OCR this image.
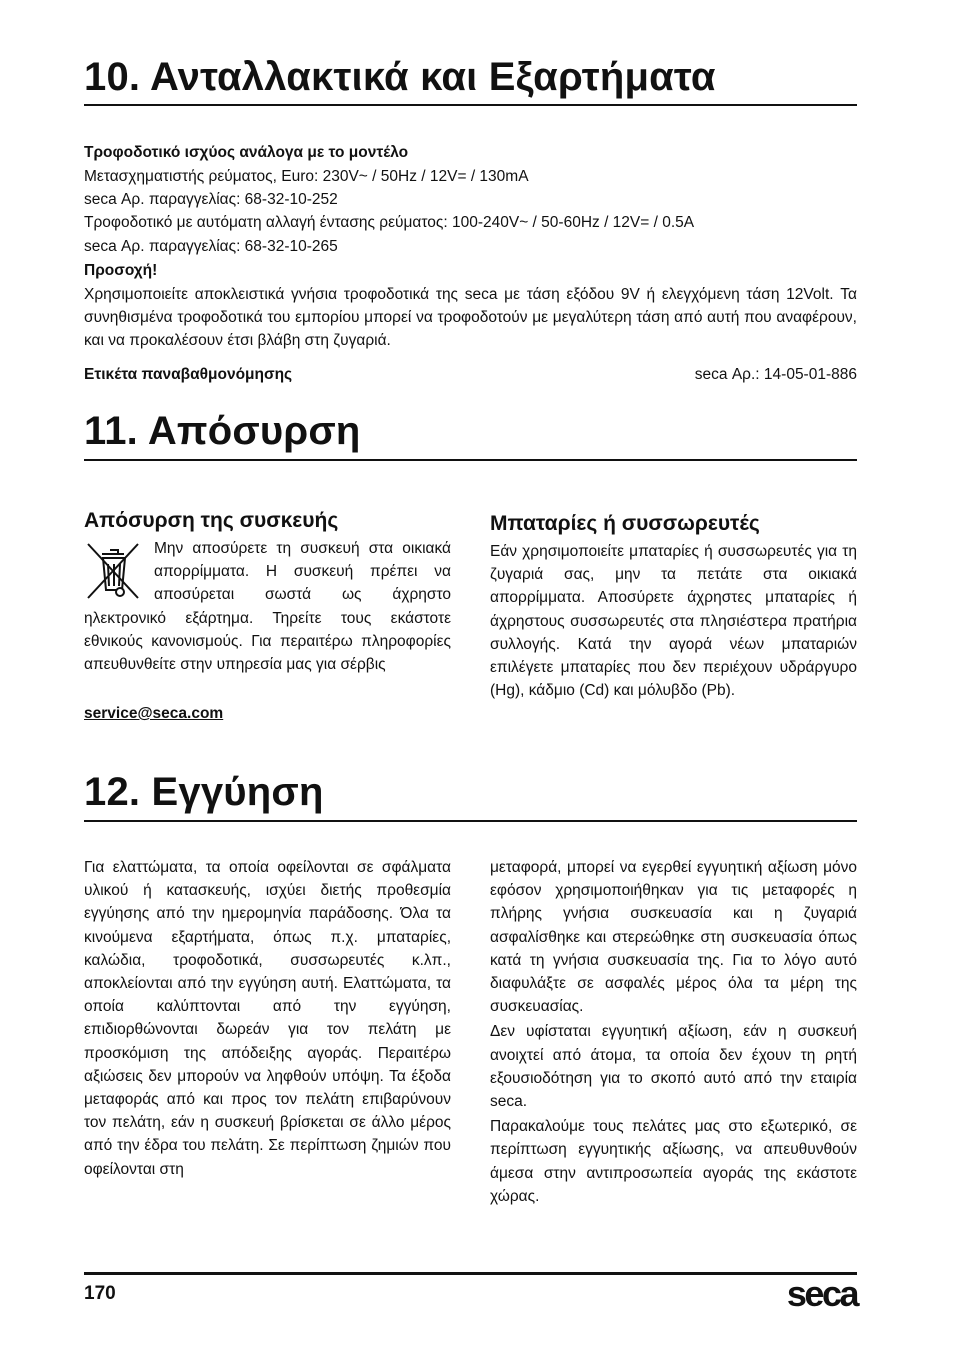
10. Ανταλλακτικά και Εξαρτήματα

Τροφοδοτικό ισχύος ανάλογα με το μοντέλο

Μετασχηματιστής ρεύματος, Euro: 230V~ / 50Hz / 12V= / 130mA

seca Αρ. παραγγελίας: 68-32-10-252

Τροφοδοτικό με αυτόματη αλλαγή έντασης ρεύματος: 100-240V~ / 50-60Hz / 12V= / 0.5A

seca Αρ. παραγγελίας: 68-32-10-265

Προσοχή!

Χρησιμοποιείτε αποκλειστικά γνήσια τροφοδοτικά της seca με τάση εξόδου 9V ή ελεγχόμενη τάση 12Volt. Τα συνηθισμένα τροφοδοτικά του εμπορίου μπορεί να τροφοδοτούν με μεγαλύτερη τάση από αυτή που αναφέρουν, και να προκαλέσουν έτσι βλάβη στη ζυγαριά.

Ετικέτα παναβαθμονόμησης	seca Αρ.: 14-05-01-886
11. Απόσυρση
Απόσυρση της συσκευής

Μην αποσύρετε τη συσκευή στα οικιακά απορρίμματα. Η συσκευή πρέπει να αποσύρεται σωστά ως άχρηστο ηλεκτρονικό εξάρτημα. Τηρείτε τους εκάστοτε εθνικούς κανονισμούς. Για περαιτέρω πληροφορίες απευθυνθείτε στην υπηρεσία μας για σέρβις

service@seca.com
Μπαταρίες ή συσσωρευτές

Εάν χρησιμοποιείτε μπαταρίες ή συσσωρευτές για τη ζυγαριά σας, μην τα πετάτε στα οικιακά απορρίμματα. Αποσύρετε άχρηστες μπαταρίες ή άχρηστους συσσωρευτές στα πλησιέστερα πρατήρια συλλογής. Κατά την αγορά νέων μπαταριών επιλέγετε μπαταρίες που δεν περιέχουν υδράργυρο (Hg), κάδμιο (Cd) και μόλυβδο (Pb).

12. Εγγύηση

Για ελαττώματα, τα οποία οφείλονται σε σφάλματα υλικού ή κατασκευής, ισχύει διετής προθεσμία εγγύησης από την ημερομηνία παράδοσης. Όλα τα κινούμενα εξαρτήματα, όπως π.χ. μπαταρίες, καλώδια, τροφοδοτικά, συσσωρευτές κ.λπ., αποκλείονται από την εγγύηση αυτή. Ελαττώματα, τα οποία καλύπτονται από την εγγύηση, επιδιορθώνονται δωρεάν για τον πελάτη με προσκόμιση της απόδειξης αγοράς. Περαιτέρω αξιώσεις δεν μπορούν να ληφθούν υπόψη. Τα έξοδα μεταφοράς από και προς τον πελάτη επιβαρύνουν τον πελάτη, εάν η συσκευή βρίσκεται σε άλλο μέρος από την έδρα του πελάτη. Σε περίπτωση ζημιών που οφείλονται στη

μεταφορά, μπορεί να εγερθεί εγγυητική αξίωση μόνο εφόσον χρησιμοποιήθηκαν για τις μεταφορές η πλήρης γνήσια συσκευασία και η ζυγαριά ασφαλίσθηκε και στερεώθηκε στη συσκευασία όπως κατά τη γνήσια συσκευασία της. Για το λόγο αυτό διαφυλάξτε σε ασφαλές μέρος όλα τα μέρη της συσκευασίας.

Δεν υφίσταται εγγυητική αξίωση, εάν η συσκευή ανοιχτεί από άτομα, τα οποία δεν έχουν τη ρητή εξουσιοδότηση για το σκοπό αυτό από την εταιρία seca.

Παρακαλούμε τους πελάτες μας στο εξωτερικό, σε περίπτωση εγγυητικής αξίωσης, να απευθυνθούν άμεσα στην αντιπροσωπεία αγοράς της εκάστοτε χώρας.

170	seca
